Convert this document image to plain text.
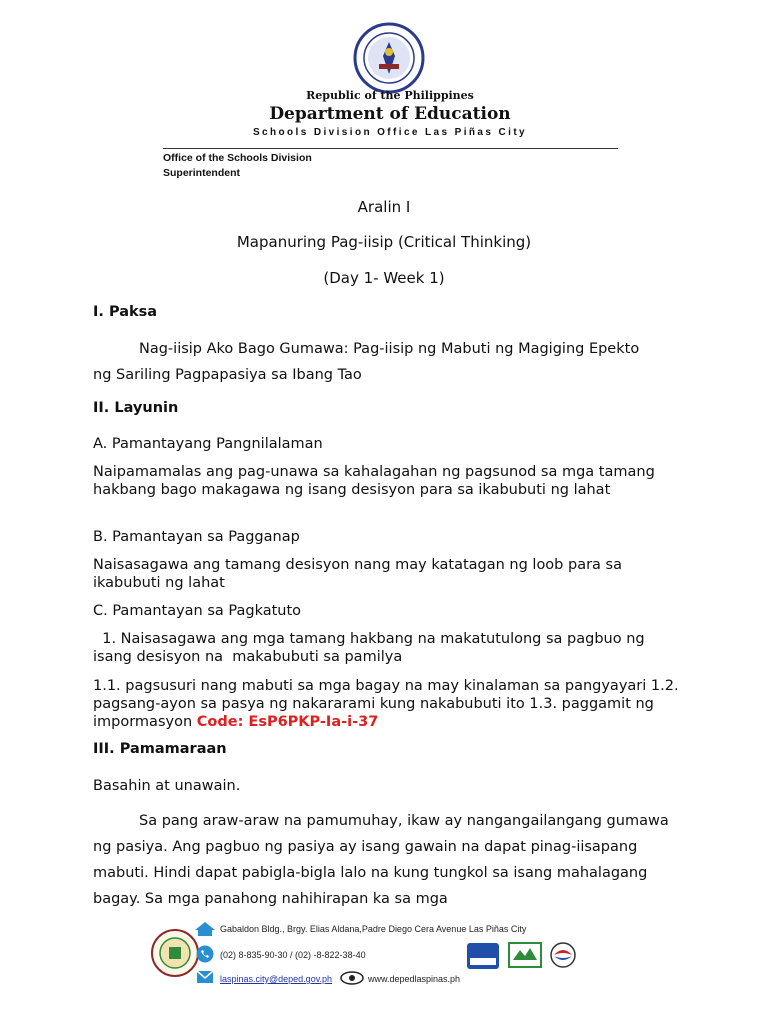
Republic of the Philippines
Department of Education
Schools Division Office Las Piñas City
Office of the Schools Division
Superintendent
Aralin I
Mapanuring Pag-iisip (Critical Thinking)
(Day 1- Week 1)
I. Paksa
Nag-iisip Ako Bago Gumawa: Pag-iisip ng Mabuti ng Magiging Epekto
ng Sariling Pagpapasiya sa Ibang Tao
II. Layunin
A. Pamantayang Pangnilalaman
Naipamamalas ang pag-unawa sa kahalagahan ng pagsunod sa mga tamang hakbang bago makagawa ng isang desisyon para sa ikabubuti ng lahat
B. Pamantayan sa Pagganap
Naisasagawa ang tamang desisyon nang may katatagan ng loob para sa ikabubuti ng lahat
C. Pamantayan sa Pagkatuto
1. Naisasagawa ang mga tamang hakbang na makatutulong sa pagbuo ng isang desisyon na  makabubuti sa pamilya
1.1. pagsusuri nang mabuti sa mga bagay na may kinalaman sa pangyayari 1.2. pagsang-ayon sa pasya ng nakararami kung nakabubuti ito 1.3. paggamit ng impormasyon Code: EsP6PKP-Ia-i-37
III. Pamamaraan
Basahin at unawain.
Sa pang araw-araw na pamumuhay, ikaw ay nangangailangang gumawa ng pasiya. Ang pagbuo ng pasiya ay isang gawain na dapat pinag-iisapang mabuti. Hindi dapat pabigla-bigla lalo na kung tungkol sa isang mahalagang bagay. Sa mga panahong nahihirapan ka sa mga
Gabaldon Bldg., Brgy. Elias Aldana,Padre Diego Cera Avenue Las Piñas City
(02) 8-835-90-30 / (02) -8-822-38-40
laspinas.city@deped.gov.ph	www.depedlaspinas.ph
